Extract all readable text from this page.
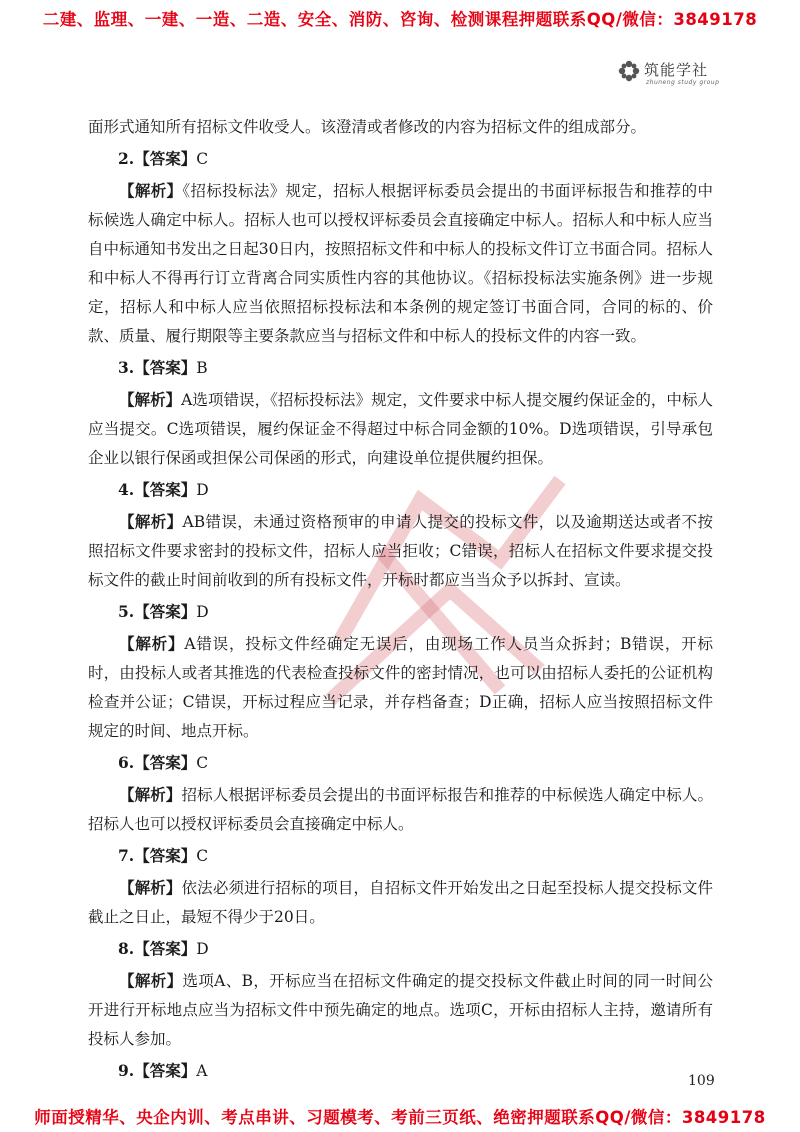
二建、监理、一建、一造、二造、安全、消防、咨询、检测课程押题联系QQ/微信：3849178
筑能学社
zhuneng study group

面形式通知所有招标文件收受人。该澄清或者修改的内容为招标文件的组成部分。

2.【答案】C

【解析】《招标投标法》规定，招标人根据评标委员会提出的书面评标报告和推荐的中标候选人确定中标人。招标人也可以授权评标委员会直接确定中标人。招标人和中标人应当自中标通知书发出之日起30日内，按照招标文件和中标人的投标文件订立书面合同。招标人和中标人不得再行订立背离合同实质性内容的其他协议。《招标投标法实施条例》进一步规定，招标人和中标人应当依照招标投标法和本条例的规定签订书面合同，合同的标的、价款、质量、履行期限等主要条款应当与招标文件和中标人的投标文件的内容一致。

3.【答案】B

【解析】A选项错误，《招标投标法》规定，文件要求中标人提交履约保证金的，中标人应当提交。C选项错误，履约保证金不得超过中标合同金额的10%。D选项错误，引导承包企业以银行保函或担保公司保函的形式，向建设单位提供履约担保。

4.【答案】D

【解析】AB错误，未通过资格预审的申请人提交的投标文件，以及逾期送达或者不按照招标文件要求密封的投标文件，招标人应当拒收；C错误，招标人在招标文件要求提交投标文件的截止时间前收到的所有投标文件，开标时都应当当众予以拆封、宣读。

5.【答案】D

【解析】A错误，投标文件经确定无误后，由现场工作人员当众拆封；B错误，开标时，由投标人或者其推选的代表检查投标文件的密封情况，也可以由招标人委托的公证机构检查并公证；C错误，开标过程应当记录，并存档备查；D正确，招标人应当按照招标文件规定的时间、地点开标。

6.【答案】C

【解析】招标人根据评标委员会提出的书面评标报告和推荐的中标候选人确定中标人。招标人也可以授权评标委员会直接确定中标人。

7.【答案】C

【解析】依法必须进行招标的项目，自招标文件开始发出之日起至投标人提交投标文件截止之日止，最短不得少于20日。

8.【答案】D

【解析】选项A、B，开标应当在招标文件确定的提交投标文件截止时间的同一时间公开进行开标地点应当为招标文件中预先确定的地点。选项C，开标由招标人主持，邀请所有投标人参加。

9.【答案】A
109
师面授精华、央企内训、考点串讲、习题模考、考前三页纸、绝密押题联系QQ/微信：3849178
